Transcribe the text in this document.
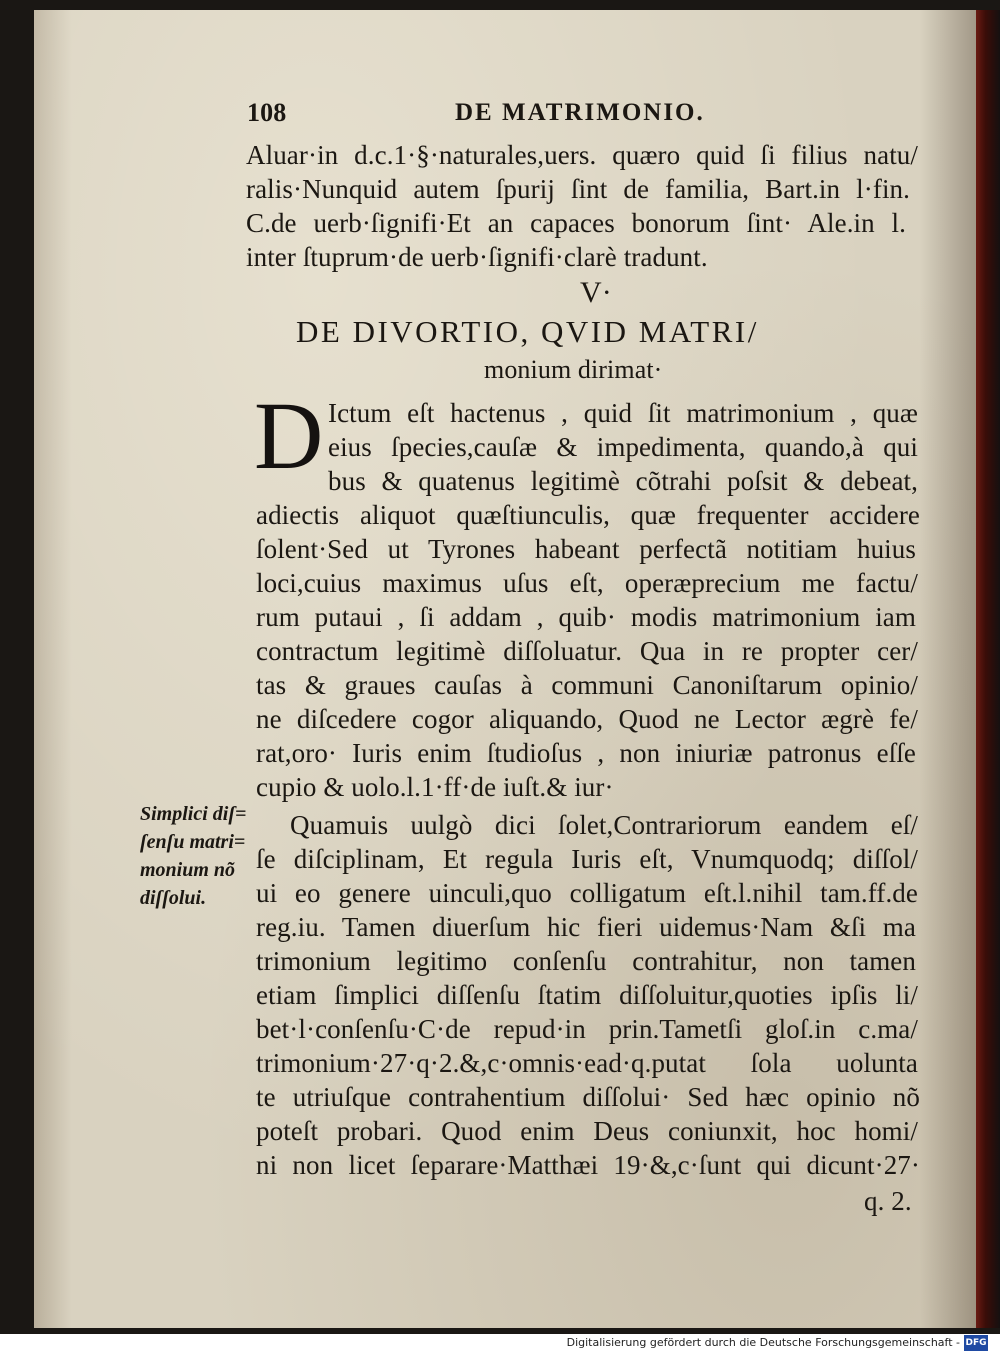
108	DE MATRIMONIO.
Aluar·in d.c.1·§·naturales,uers. quæro quid ſi filius natu/
ralis·Nunquid autem ſpurij ſint de familia, Bart.in l·fin.
C.de uerb·ſignifi·Et an capaces bonorum ſint· Ale.in l.
inter ſtuprum·de uerb·ſignifi·clarè tradunt.
V·
DE DIVORTIO, QVID MATRI/
monium dirimat·
D Ictum eſt hactenus , quid ſit matrimonium , quæ
eius ſpecies,cauſæ & impedimenta, quando,à qui
bus & quatenus legitimè cõtrahi poſsit & debeat,
adiectis aliquot quæſtiunculis, quæ frequenter accidere
ſolent·Sed ut Tyrones habeant perfectã notitiam huius
loci,cuius maximus uſus eſt, operæprecium me factu/
rum putaui , ſi addam , quib· modis matrimonium iam
contractum legitimè diſſoluatur. Qua in re propter cer/
tas & graues cauſas à communi Canoniſtarum opinio/
ne diſcedere cogor aliquando, Quod ne Lector ægrè fe/
rat,oro· Iuris enim ſtudioſus , non iniuriæ patronus eſſe
cupio & uolo.l.1·ff·de iuſt.& iur·
Quamuis uulgò dici ſolet,Contrariorum eandem eſ/
ſe diſciplinam, Et regula Iuris eſt, Vnumquodq; diſſol/
ui eo genere uinculi,quo colligatum eſt.l.nihil tam.ff.de
reg.iu. Tamen diuerſum hic fieri uidemus·Nam &ſi ma
trimonium legitimo conſenſu contrahitur, non tamen
etiam ſimplici diſſenſu ſtatim diſſoluitur,quoties ipſis li/
bet·l·conſenſu·C·de repud·in prin.Tametſi gloſ.in c.ma/
trimonium·27·q·2.&,c·omnis·ead·q.putat ſola uolunta
te utriuſque contrahentium diſſolui· Sed hæc opinio nõ
poteſt probari. Quod enim Deus coniunxit, hoc homi/
ni non licet ſeparare·Matthæi 19·&,c·ſunt qui dicunt·27·
q. 2.
Simplici diſ=
ſenſu matri=
monium nõ
diſſolui.
Digitalisierung gefördert durch die Deutsche Forschungsgemeinschaft - DFG
